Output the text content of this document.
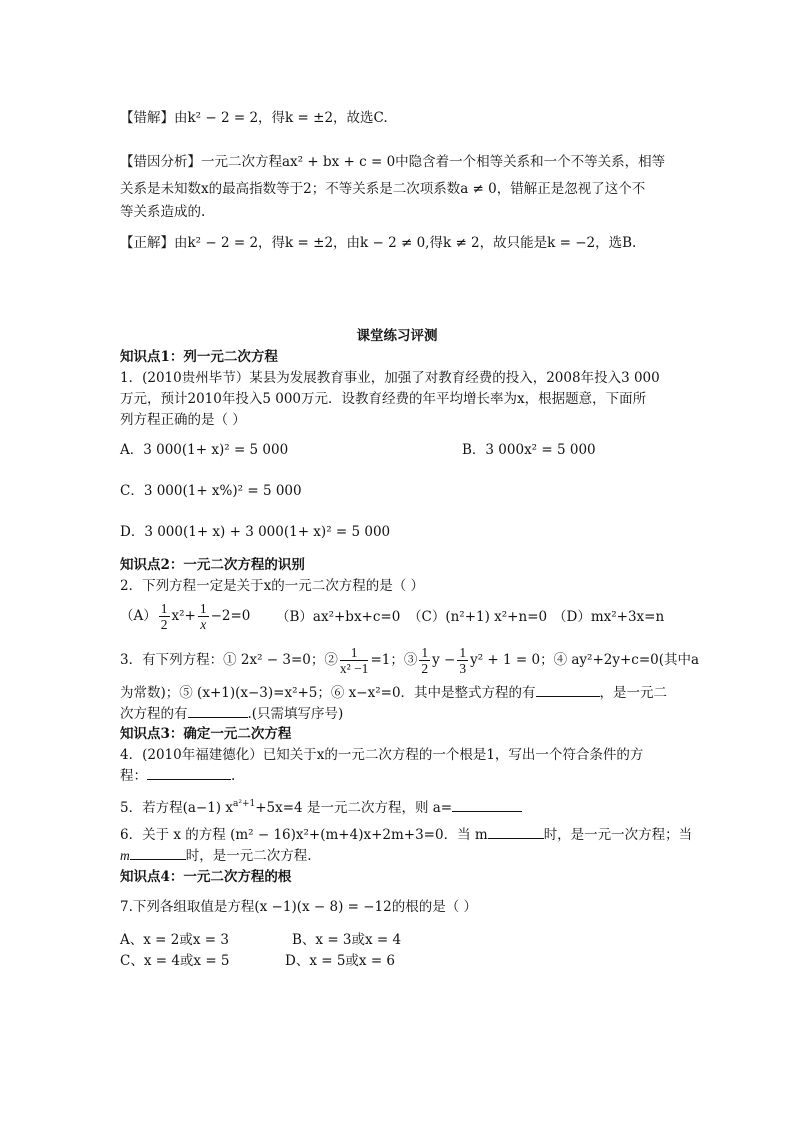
【错解】由k² − 2 = 2，得k = ±2，故选C.
【错因分析】一元二次方程ax² + bx + c = 0中隐含着一个相等关系和一个不等关系，相等
关系是未知数x的最高指数等于2；不等关系是二次项系数a ≠ 0，错解正是忽视了这个不
等关系造成的.
【正解】由k² − 2 = 2，得k = ±2，由k − 2 ≠ 0,得k ≠ 2，故只能是k = −2，选B.
课堂练习评测
知识点1：列一元二次方程
1．(2010贵州毕节）某县为发展教育事业，加强了对教育经费的投入，2008年投入3 000
万元，预计2010年投入5 000万元．设教育经费的年平均增长率为x，根据题意，下面所
列方程正确的是（ ）
A．3 000(1+ x)² = 5 000	B．3 000x² = 5 000
C．3 000(1+ x%)² = 5 000
D．3 000(1+ x) + 3 000(1+ x)² = 5 000
知识点2：一元二次方程的识别
2．下列方程一定是关于x的一元二次方程的是（ ）
$(A) \frac{1}{2} x^2+ \frac{1}{x} -2=0$ （B）ax²+bx+c=0 （C）(n²+1) x²+n=0 （D）mx²+3x=n
3．有下列方程：① 2x² − 3=0；② $\frac{1}{\text{x² −1}} =1$；③ $\frac{1}{2}$ $y - \frac{1}{3} y^2 + 1 = 0$；④ ay²+2y+c=0(其中a
为常数)；⑤ (x+1)(x−3)=x²+5；⑥ x−x²=0．其中是整式方程的有	，是一元二
次方程的有	.(只需填写序号)
知识点3：确定一元二次方程
4．(2010年福建德化）已知关于x的一元二次方程的一个根是1，写出一个符合条件的方
程：	.
5．若方程(a−1) $x^{a^2+1}+5x=4$ 是一元二次方程，则 a=
6．关于 x 的方程 (m² − 16)x²+(m+4)x+2m+3=0．当 m	时，是一元一次方程；当
m	时，是一元二次方程.
知识点4：一元二次方程的根
7.下列各组取值是方程(x −1)(x − 8) = −12的根的是（ ）
A、x = 2或x = 3	B、x = 3或x = 4
C、x = 4或x = 5	D、x = 5或x = 6
